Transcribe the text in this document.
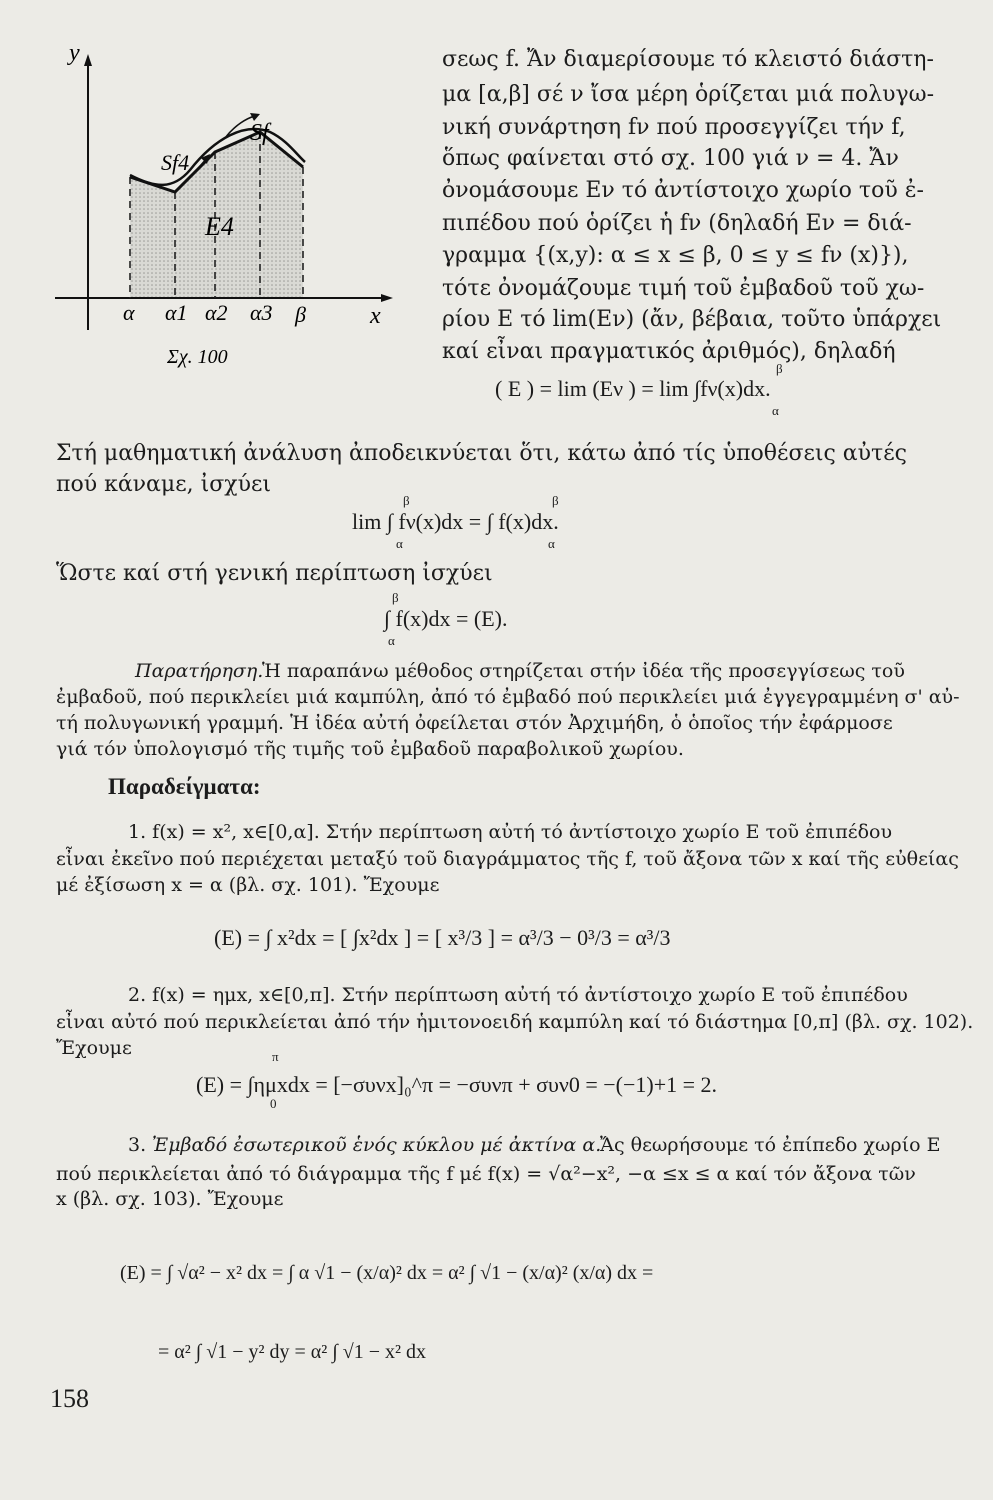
y
x
Sf
Sf4
E4
α α1 α2 α3 β
Σχ. 100
σεως f. Ἄν διαμερίσουμε τό κλειστό διάστη-
μα [α,β] σέ ν ἴσα μέρη ὁρίζεται μιά πολυγω-
νική συνάρτηση fν πού προσεγγίζει τήν f,
ὅπως φαίνεται στό σχ. 100 γιά ν = 4. Ἄν
ὀνομάσουμε Εν τό ἀντίστοιχο χωρίο τοῦ ἐ-
πιπέδου πού ὁρίζει ἡ fν (δηλαδή Εν = διά-
γραμμα {(x,y): α ≤ x ≤ β, 0 ≤ y ≤ fν (x)}),
τότε ὀνομάζουμε τιμή τοῦ ἐμβαδοῦ τοῦ χω-
ρίου Ε τό lim(Εν) (ἄν, βέβαια, τοῦτο ὑπάρχει
καί εἶναι πραγματικός ἀριθμός), δηλαδή
β
( Ε ) = lim (Εν ) = lim ∫fν(x)dx.
α
Στή μαθηματική ἀνάλυση ἀποδεικνύεται ὅτι, κάτω ἀπό τίς ὑποθέσεις αὐτές
πού κάναμε, ἰσχύει
β
lim ∫ fν(x)dx = ∫ f(x)dx.
α
β
α
Ὥστε καί στή γενική περίπτωση ἰσχύει
β
∫ f(x)dx = (Ε).
α
Παρατήρηση.
Ἡ παραπάνω μέθοδος στηρίζεται στήν ἰδέα τῆς προσεγγίσεως τοῦ
ἐμβαδοῦ, πού περικλείει μιά καμπύλη, ἀπό τό ἐμβαδό πού περικλείει μιά ἐγγεγραμμένη σ' αὐ-
τή πολυγωνική γραμμή. Ἡ ἰδέα αὐτή ὀφείλεται στόν Ἀρχιμήδη, ὁ ὁποῖος τήν ἐφάρμοσε
γιά τόν ὑπολογισμό τῆς τιμῆς τοῦ ἐμβαδοῦ παραβολικοῦ χωρίου.
Παραδείγματα:
1. f(x) = x², x∈[0,α]. Στήν περίπτωση αὐτή τό ἀντίστοιχο χωρίο Ε τοῦ ἐπιπέδου
εἶναι ἐκεῖνο πού περιέχεται μεταξύ τοῦ διαγράμματος τῆς f, τοῦ ἄξονα τῶν x καί τῆς εὐθείας
μέ ἐξίσωση x = α (βλ. σχ. 101). Ἔχουμε
(Ε) = ∫ x²dx = [ ∫x²dx ] = [ x³/3 ] = α³/3 − 0³/3 = α³/3
2. f(x) = ημx, x∈[0,π]. Στήν περίπτωση αὐτή τό ἀντίστοιχο χωρίο Ε τοῦ ἐπιπέδου
εἶναι αὐτό πού περικλείεται ἀπό τήν ἡμιτονοειδή καμπύλη καί τό διάστημα [0,π] (βλ. σχ. 102).
Ἔχουμε	π
(Ε) = ∫ημxdx = [−συνx]₀^π = −συνπ + συν0 = −(−1)+1 = 2.
0
3. Ἐμβαδό ἐσωτερικοῦ ἑνός κύκλου μέ ἀκτίνα α.
Ἄς θεωρήσουμε τό ἐπίπεδο χωρίο Ε
πού περικλείεται ἀπό τό διάγραμμα τῆς f μέ f(x) = √α²−x², −α ≤x ≤ α καί τόν ἄξονα τῶν
x (βλ. σχ. 103). Ἔχουμε
(Ε) = ∫ √α² − x² dx = ∫ α √1 − (x/α)² dx = α² ∫ √1 − (x/α)² (x/α) dx =
= α² ∫ √1 − y² dy = α² ∫ √1 − x² dx
158
